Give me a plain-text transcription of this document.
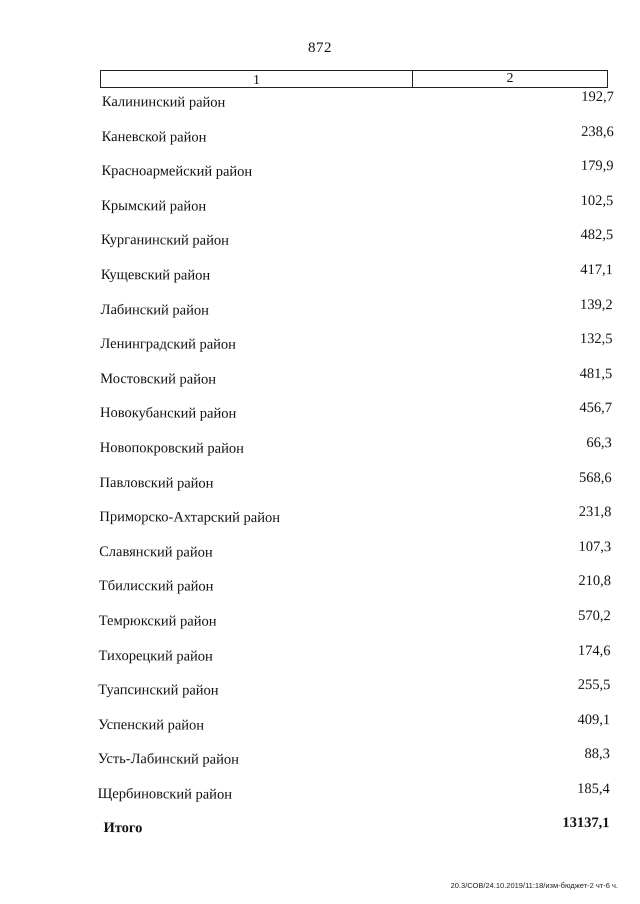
872
1	2
Калининский район	192,7
Каневской район	238,6
Красноармейский район	179,9
Крымский район	102,5
Курганинский район	482,5
Кущевский район	417,1
Лабинский район	139,2
Ленинградский район	132,5
Мостовский район	481,5
Новокубанский район	456,7
Новопокровский район	66,3
Павловский район	568,6
Приморско-Ахтарский район	231,8
Славянский район	107,3
Тбилисский район	210,8
Темрюкский район	570,2
Тихорецкий район	174,6
Туапсинский район	255,5
Успенский район	409,1
Усть-Лабинский район	88,3
Щербиновский район	185,4
Итого	13137,1
20.3/СОВ/24.10.2019/11:18/изм-бюджет-2 чт-6 ч.
